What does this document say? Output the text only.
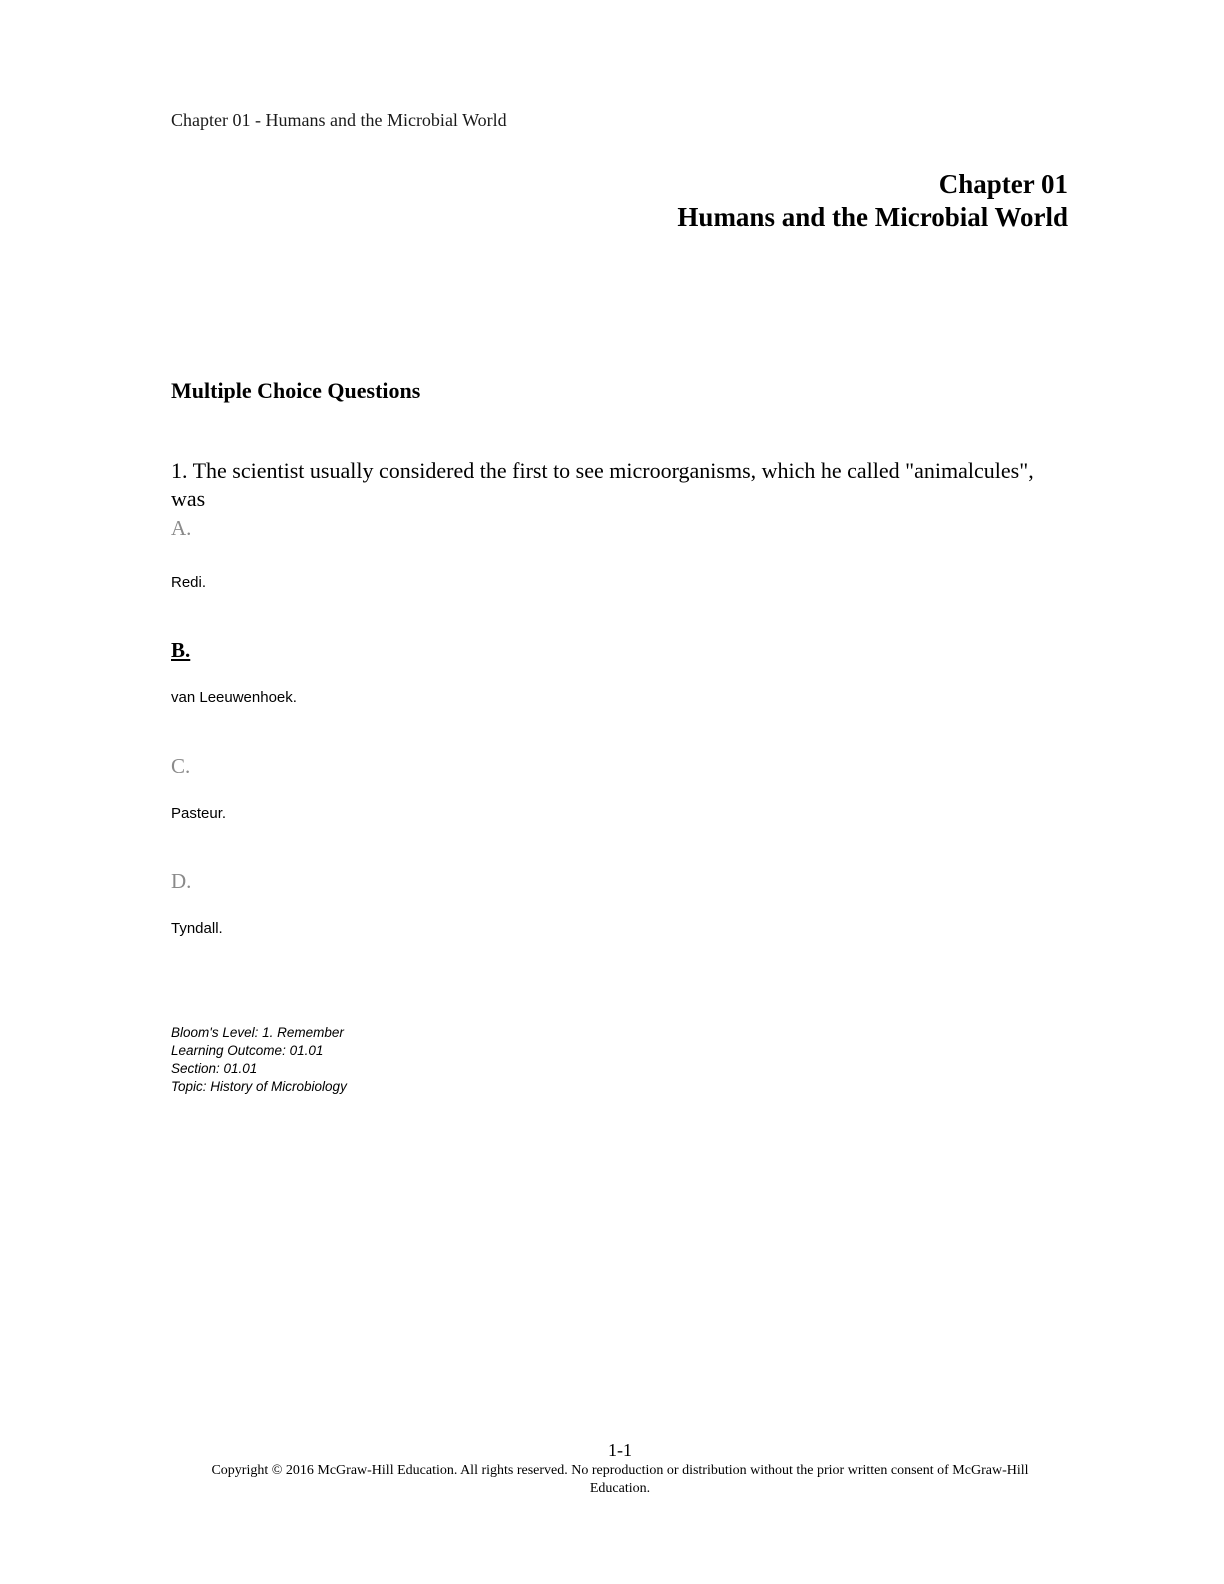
Chapter 01 - Humans and the Microbial World
Chapter 01
Humans and the Microbial World
Multiple Choice Questions
1. The scientist usually considered the first to see microorganisms, which he called "animalcules", was
A.
Redi.
B.
van Leeuwenhoek.
C.
Pasteur.
D.
Tyndall.
Bloom's Level: 1. Remember
Learning Outcome: 01.01
Section: 01.01
Topic: History of Microbiology
1-1
Copyright © 2016 McGraw-Hill Education. All rights reserved. No reproduction or distribution without the prior written consent of McGraw-Hill Education.
